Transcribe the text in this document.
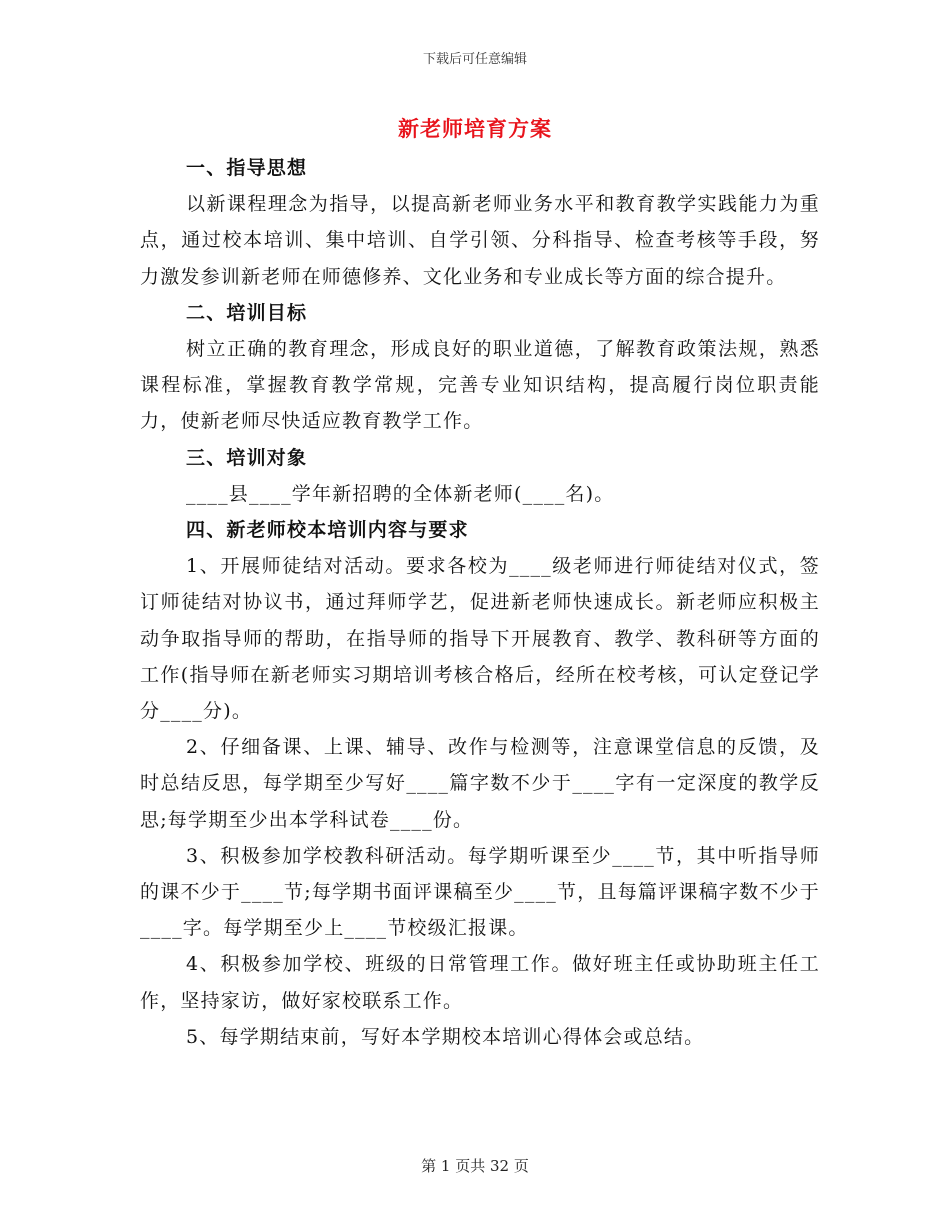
下载后可任意编辑
新老师培育方案

一、指导思想

以新课程理念为指导，以提高新老师业务水平和教育教学实践能力为重点，通过校本培训、集中培训、自学引领、分科指导、检查考核等手段，努力激发参训新老师在师德修养、文化业务和专业成长等方面的综合提升。

二、培训目标

树立正确的教育理念，形成良好的职业道德，了解教育政策法规，熟悉课程标准，掌握教育教学常规，完善专业知识结构，提高履行岗位职责能力，使新老师尽快适应教育教学工作。

三、培训对象

____县____学年新招聘的全体新老师(____名)。

四、新老师校本培训内容与要求

1、开展师徒结对活动。要求各校为____级老师进行师徒结对仪式，签订师徒结对协议书，通过拜师学艺，促进新老师快速成长。新老师应积极主动争取指导师的帮助，在指导师的指导下开展教育、教学、教科研等方面的工作(指导师在新老师实习期培训考核合格后，经所在校考核，可认定登记学分____分)。

2、仔细备课、上课、辅导、改作与检测等，注意课堂信息的反馈，及时总结反思，每学期至少写好____篇字数不少于____字有一定深度的教学反思;每学期至少出本学科试卷____份。

3、积极参加学校教科研活动。每学期听课至少____节，其中听指导师的课不少于____节;每学期书面评课稿至少____节，且每篇评课稿字数不少于____字。每学期至少上____节校级汇报课。

4、积极参加学校、班级的日常管理工作。做好班主任或协助班主任工作，坚持家访，做好家校联系工作。

5、每学期结束前，写好本学期校本培训心得体会或总结。

第 1 页共 32 页
